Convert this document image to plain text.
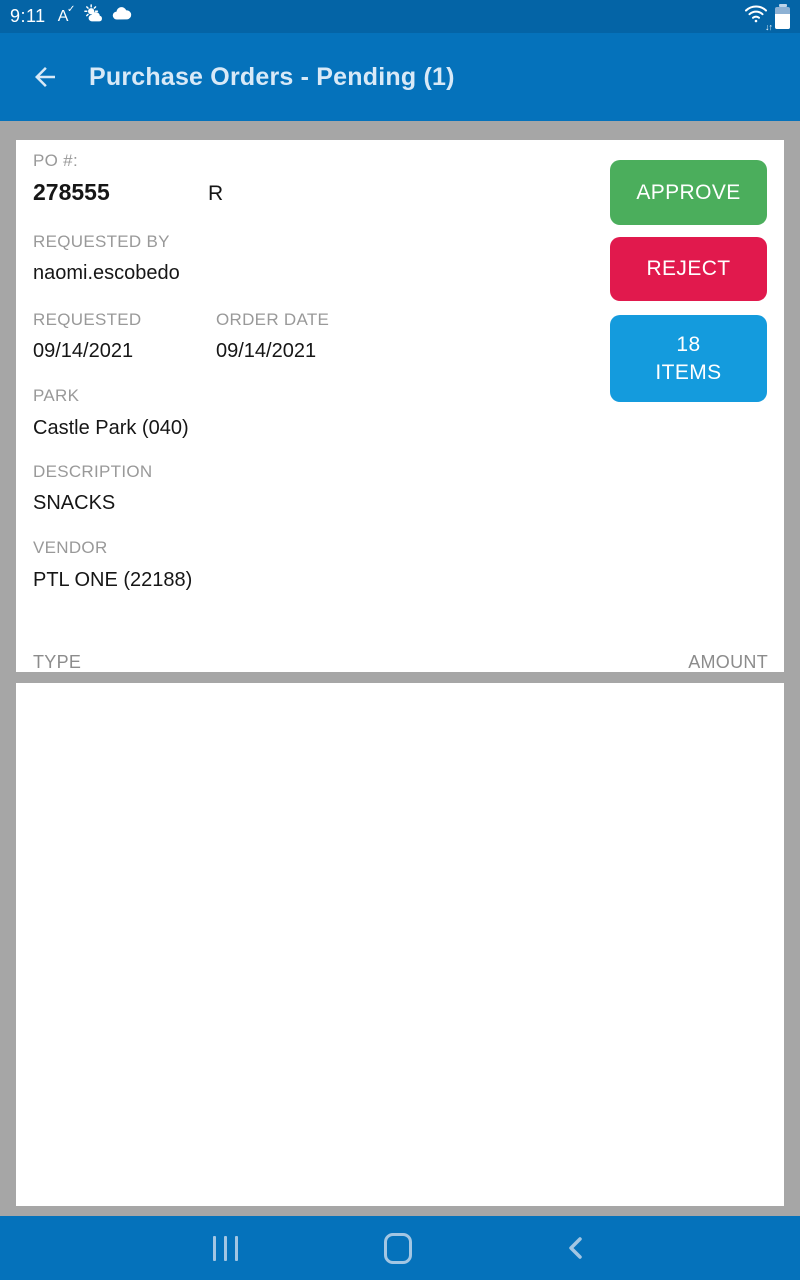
9:11 A
✓
↓↑
Purchase Orders - Pending (1)
PO #:
278555	R
REQUESTED BY
naomi.escobedo
REQUESTED	ORDER DATE
09/14/2021	09/14/2021
PARK
Castle Park (040)
DESCRIPTION
SNACKS
VENDOR
PTL ONE (22188)
TYPE	AMOUNT
APPROVE
REJECT
18
ITEMS
